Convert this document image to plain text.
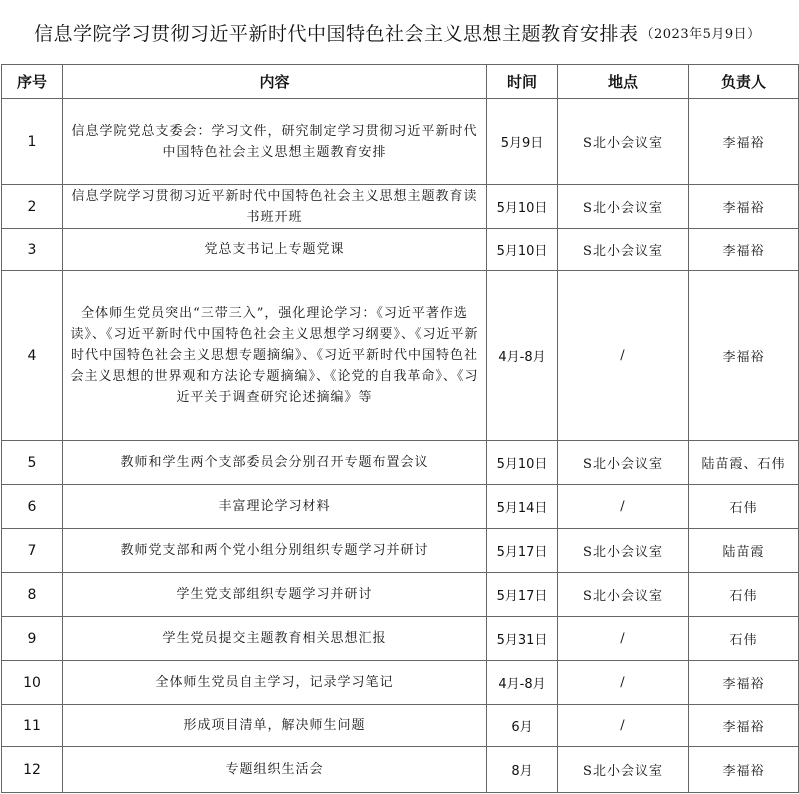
信息学院学习贯彻习近平新时代中国特色社会主义思想主题教育安排表 （2023年5月9日）
序号	内容	时间	地点	负责人
1	信息学院党总支委会：学习文件，研究制定学习贯彻习近平新时代中国特色社会主义思想主题教育安排	5月9日	S北小会议室	李福裕
2	信息学院学习贯彻习近平新时代中国特色社会主义思想主题教育读书班开班	5月10日	S北小会议室	李福裕
3	党总支书记上专题党课	5月10日	S北小会议室	李福裕
4	全体师生党员突出“三带三入”，强化理论学习：《习近平著作选读》、《习近平新时代中国特色社会主义思想学习纲要》、《习近平新时代中国特色社会主义思想专题摘编》、《习近平新时代中国特色社会主义思想的世界观和方法论专题摘编》、《论党的自我革命》、《习近平关于调查研究论述摘编》等	4月-8月	/	李福裕
5	教师和学生两个支部委员会分别召开专题布置会议	5月10日	S北小会议室	陆苗霞、石伟
6	丰富理论学习材料	5月14日	/	石伟
7	教师党支部和两个党小组分别组织专题学习并研讨	5月17日	S北小会议室	陆苗霞
8	学生党支部组织专题学习并研讨	5月17日	S北小会议室	石伟
9	学生党员提交主题教育相关思想汇报	5月31日	/	石伟
10	全体师生党员自主学习，记录学习笔记	4月-8月	/	李福裕
11	形成项目清单，解决师生问题	6月	/	李福裕
12	专题组织生活会	8月	S北小会议室	李福裕
